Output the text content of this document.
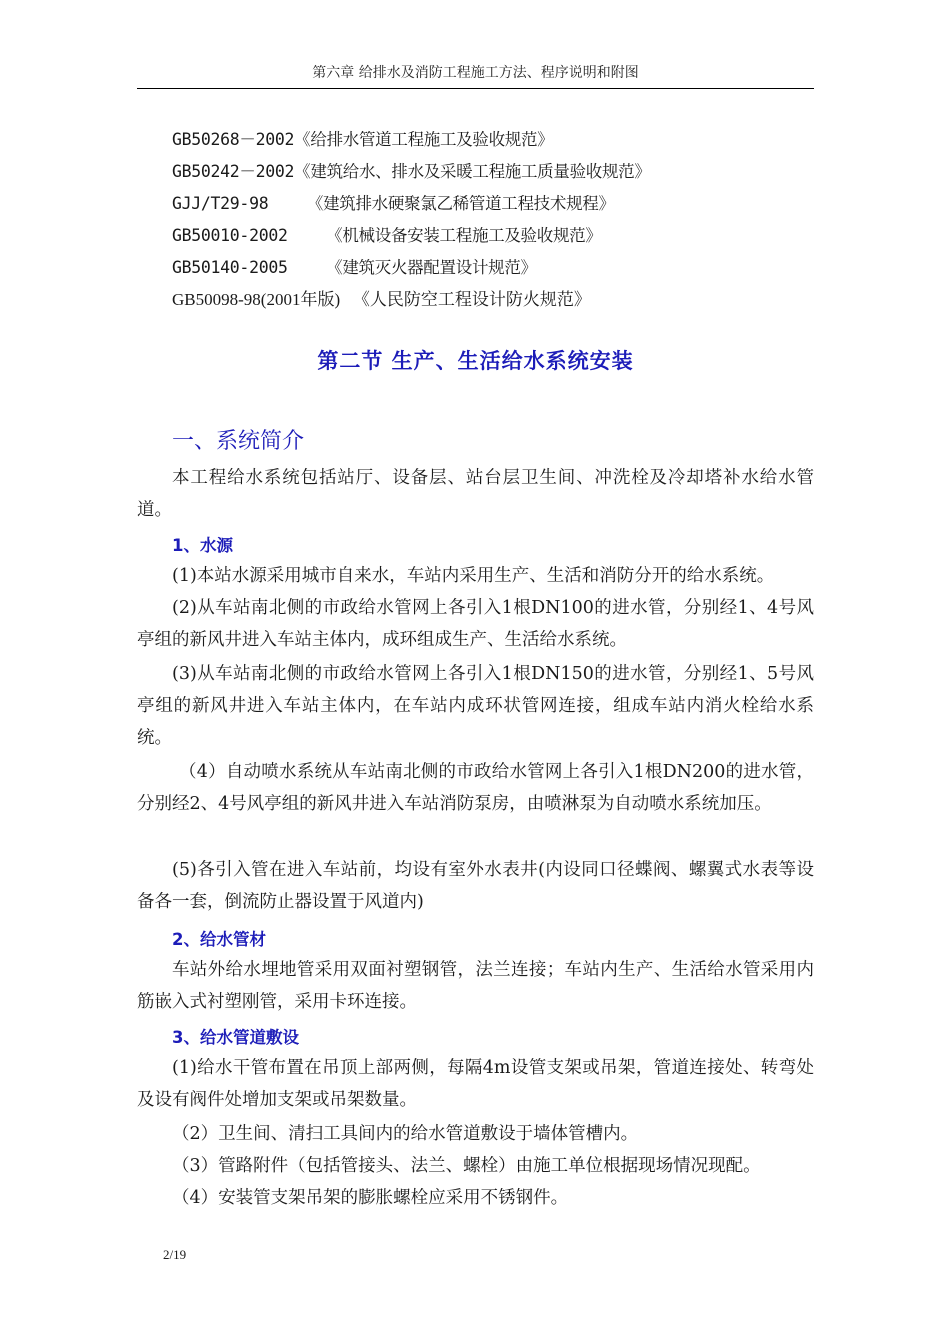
第六章 给排水及消防工程施工方法、程序说明和附图
GB50268－2002《给排水管道工程施工及验收规范》
GB50242－2002《建筑给水、排水及采暖工程施工质量验收规范》
GJJ/T29-98    《建筑排水硬聚氯乙稀管道工程技术规程》
GB50010-2002    《机械设备安装工程施工及验收规范》
GB50140-2005    《建筑灭火器配置设计规范》
GB50098-98(2001年版)   《人民防空工程设计防火规范》
第二节 生产、生活给水系统安装
一、系统简介

本工程给水系统包括站厅、设备层、站台层卫生间、冲洗栓及冷却塔补水给水管道。

1、水源

(1)本站水源采用城市自来水，车站内采用生产、生活和消防分开的给水系统。

(2)从车站南北侧的市政给水管网上各引入1根DN100的进水管，分别经1、4号风亭组的新风井进入车站主体内，成环组成生产、生活给水系统。

(3)从车站南北侧的市政给水管网上各引入1根DN150的进水管，分别经1、5号风亭组的新风井进入车站主体内，在车站内成环状管网连接，组成车站内消火栓给水系统。

（4）自动喷水系统从车站南北侧的市政给水管网上各引入1根DN200的进水管，分别经2、4号风亭组的新风井进入车站消防泵房，由喷淋泵为自动喷水系统加压。

(5)各引入管在进入车站前，均设有室外水表井(内设同口径蝶阀、螺翼式水表等设备各一套，倒流防止器设置于风道内)

2、给水管材

车站外给水埋地管采用双面衬塑钢管，法兰连接；车站内生产、生活给水管采用内筋嵌入式衬塑刚管，采用卡环连接。

3、给水管道敷设

(1)给水干管布置在吊顶上部两侧，每隔4m设管支架或吊架，管道连接处、转弯处及设有阀件处增加支架或吊架数量。

（2）卫生间、清扫工具间内的给水管道敷设于墙体管槽内。

（3）管路附件（包括管接头、法兰、螺栓）由施工单位根据现场情况现配。

（4）安装管支架吊架的膨胀螺栓应采用不锈钢件。

2/19
